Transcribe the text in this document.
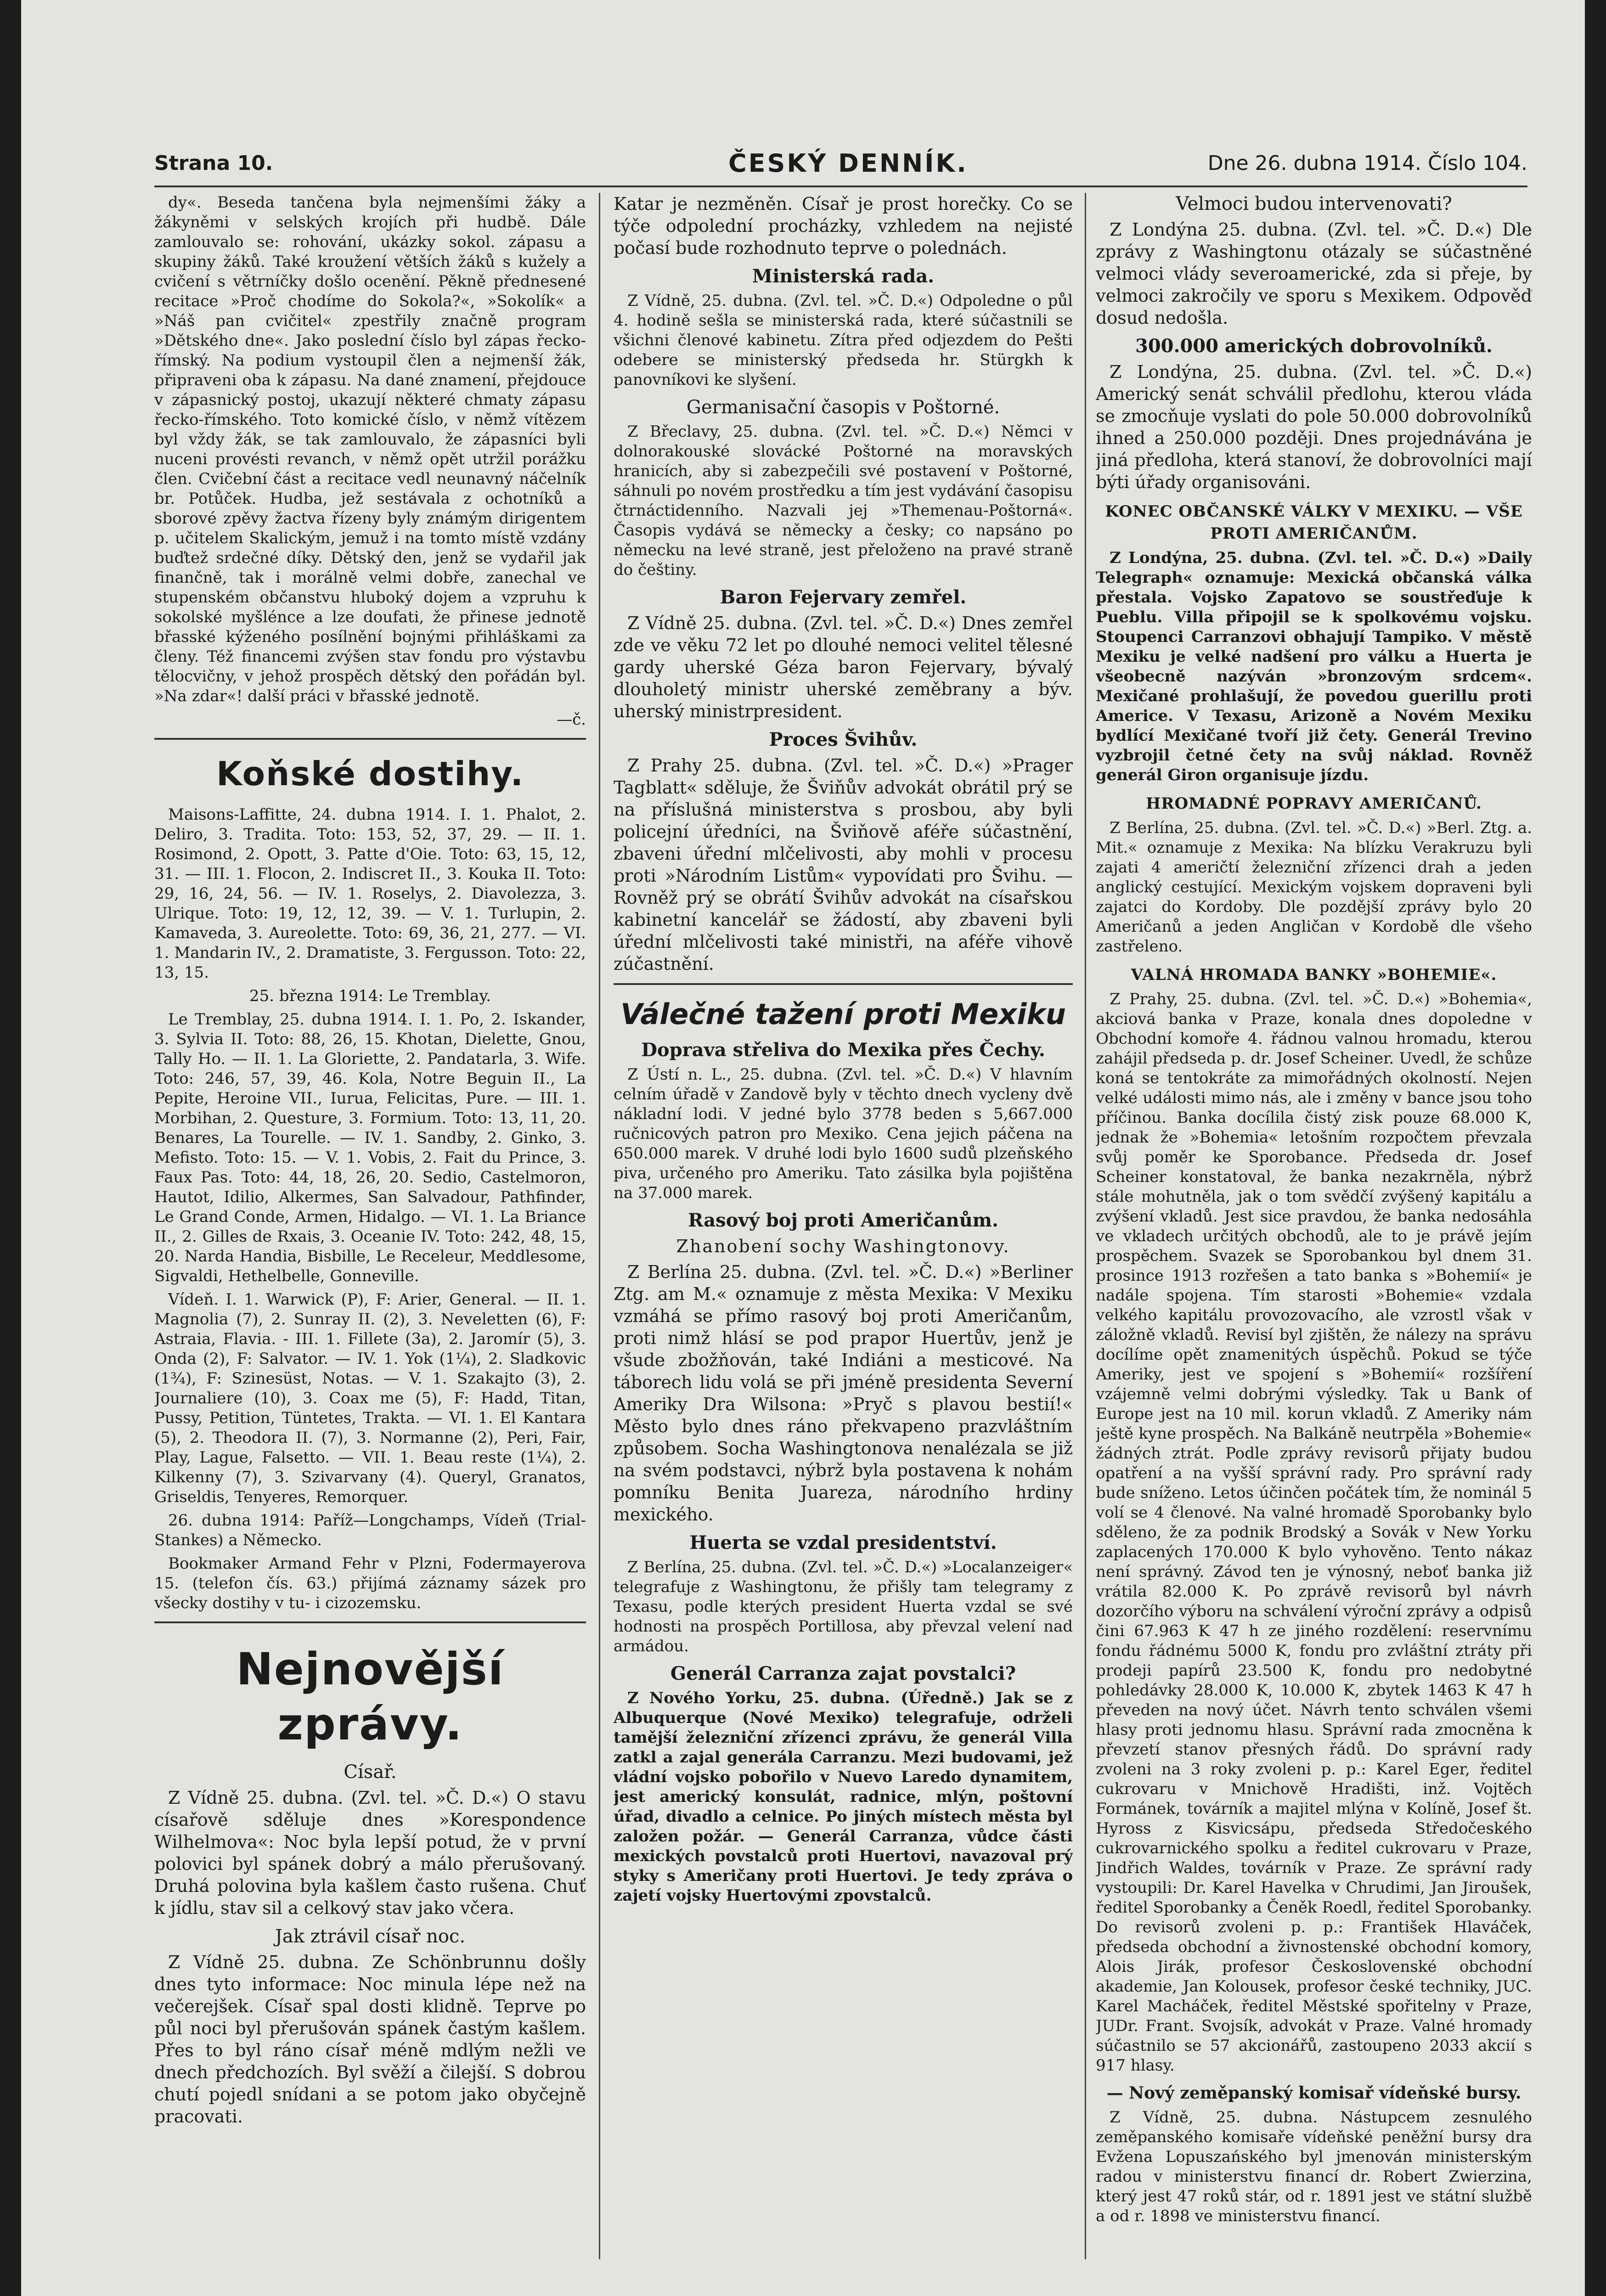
Strana 10.	ČESKÝ DENNÍK.	Dne 26. dubna 1914. Číslo 104.

dy«. Beseda tančena byla nejmenšími žáky a žákyněmi v selských krojích při hudbě. Dále zamlouvalo se: rohování, ukázky sokol. zápasu a skupiny žáků. Také kroužení větších žáků s kužely a cvičení s větrníčky došlo ocenění. Pěkně přednesené recitace »Proč chodíme do Sokola?«, »Sokolík« a »Náš pan cvičitel« zpestřily značně program »Dětského dne«. Jako poslední číslo byl zápas řecko-římský. Na podium vystoupil člen a nejmenší žák, připraveni oba k zápasu. Na dané znamení, přejdouce v zápasnický postoj, ukazují některé chmaty zápasu řecko-římského. Toto komické číslo, v němž vítězem byl vždy žák, se tak zamlouvalo, že zápasníci byli nuceni provésti revanch, v němž opět utržil porážku člen. Cvičební část a recitace vedl neunavný náčelník br. Potůček. Hudba, jež sestávala z ochotníků a sborové zpěvy žactva řízeny byly známým dirigentem p. učitelem Skalickým, jemuž i na tomto místě vzdány buďtež srdečné díky. Dětský den, jenž se vydařil jak finančně, tak i morálně velmi dobře, zanechal ve stupenském občanstvu hluboký dojem a vzpruhu k sokolské myšlénce a lze doufati, že přinese jednotě břasské kýženého posílnění bojnými přihláškami za členy. Též financemi zvýšen stav fondu pro výstavbu tělocvičny, v jehož prospěch dětský den pořádán byl. »Na zdar«! další práci v břasské jednotě.

—č.

Koňské dostihy.

Maisons-Laffitte, 24. dubna 1914. I. 1. Phalot, 2. Deliro, 3. Tradita. Toto: 153, 52, 37, 29. — II. 1. Rosimond, 2. Opott, 3. Patte d'Oie. Toto: 63, 15, 12, 31. — III. 1. Flocon, 2. Indiscret II., 3. Kouka II. Toto: 29, 16, 24, 56. — IV. 1. Roselys, 2. Diavolezza, 3. Ulrique. Toto: 19, 12, 12, 39. — V. 1. Turlupin, 2. Kamaveda, 3. Aureolette. Toto: 69, 36, 21, 277. — VI. 1. Mandarin IV., 2. Dramatiste, 3. Fergusson. Toto: 22, 13, 15.

25. března 1914: Le Tremblay.

Le Tremblay, 25. dubna 1914. I. 1. Po, 2. Iskander, 3. Sylvia II. Toto: 88, 26, 15. Khotan, Dielette, Gnou, Tally Ho. — II. 1. La Gloriette, 2. Pandatarla, 3. Wife. Toto: 246, 57, 39, 46. Kola, Notre Beguin II., La Pepite, Heroine VII., Iurua, Felicitas, Pure. — III. 1. Morbihan, 2. Questure, 3. Formium. Toto: 13, 11, 20. Benares, La Tourelle. — IV. 1. Sandby, 2. Ginko, 3. Mefisto. Toto: 15. — V. 1. Vobis, 2. Fait du Prince, 3. Faux Pas. Toto: 44, 18, 26, 20. Sedio, Castelmoron, Hautot, Idilio, Alkermes, San Salvadour, Pathfinder, Le Grand Conde, Armen, Hidalgo. — VI. 1. La Briance II., 2. Gilles de Rxais, 3. Oceanie IV. Toto: 242, 48, 15, 20. Narda Handia, Bisbille, Le Receleur, Meddlesome, Sigvaldi, Hethelbelle, Gonneville.

Vídeň. I. 1. Warwick (P), F: Arier, General. — II. 1. Magnolia (7), 2. Sunray II. (2), 3. Neveletten (6), F: Astraia, Flavia. - III. 1. Fillete (3a), 2. Jaromír (5), 3. Onda (2), F: Salvator. — IV. 1. Yok (1¼), 2. Sladkovic (1¾), F: Szinesüst, Notas. — V. 1. Szakajto (3), 2. Journaliere (10), 3. Coax me (5), F: Hadd, Titan, Pussy, Petition, Tüntetes, Trakta. — VI. 1. El Kantara (5), 2. Theodora II. (7), 3. Normanne (2), Peri, Fair, Play, Lague, Falsetto. — VII. 1. Beau reste (1¼), 2. Kilkenny (7), 3. Szivarvany (4). Queryl, Granatos, Griseldis, Tenyeres, Remorquer.

26. dubna 1914: Paříž—Longchamps, Vídeň (Trial-Stankes) a Německo.

Bookmaker Armand Fehr v Plzni, Fodermayerova 15. (telefon čís. 63.) přijímá záznamy sázek pro všecky dostihy v tu- i cizozemsku.

Nejnovější zprávy.
Císař.

Z Vídně 25. dubna. (Zvl. tel. »Č. D.«) O stavu císařově sděluje dnes »Korespondence Wilhelmova«: Noc byla lepší potud, že v první polovici byl spánek dobrý a málo přerušovaný. Druhá polovina byla kašlem často rušena. Chuť k jídlu, stav sil a celkový stav jako včera.

Jak ztrávil císař noc.

Z Vídně 25. dubna. Ze Schönbrunnu došly dnes tyto informace: Noc minula lépe než na večerejšek. Císař spal dosti klidně. Teprve po půl noci byl přerušován spánek častým kašlem. Přes to byl ráno císař méně mdlým nežli ve dnech předchozích. Byl svěží a čilejší. S dobrou chutí pojedl snídani a se potom jako obyčejně pracovati.

Katar je nezměněn. Císař je prost horečky. Co se týče odpolední procházky, vzhledem na nejisté počasí bude rozhodnuto teprve o polednách.

Ministerská rada.

Z Vídně, 25. dubna. (Zvl. tel. »Č. D.«) Odpoledne o půl 4. hodině sešla se ministerská rada, které súčastnili se všichni členové kabinetu. Zítra před odjezdem do Pešti odebere se ministerský předseda hr. Stürgkh k panovníkovi ke slyšení.

Germanisační časopis v Poštorné.

Z Břeclavy, 25. dubna. (Zvl. tel. »Č. D.«) Němci v dolnorakouské slovácké Poštorné na moravských hranicích, aby si zabezpečili své postavení v Poštorné, sáhnuli po novém prostředku a tím jest vydávání časopisu čtrnáctidenního. Nazvali jej »Themenau-Poštorná«. Časopis vydává se německy a česky; co napsáno po německu na levé straně, jest přeloženo na pravé straně do češtiny.

Baron Fejervary zemřel.

Z Vídně 25. dubna. (Zvl. tel. »Č. D.«) Dnes zemřel zde ve věku 72 let po dlouhé nemoci velitel tělesné gardy uherské Géza baron Fejervary, bývalý dlouholetý ministr uherské zeměbrany a býv. uherský ministrpresident.

Proces Švihův.

Z Prahy 25. dubna. (Zvl. tel. »Č. D.«) »Prager Tagblatt« sděluje, že Šviňův advokát obrátil prý se na příslušná ministerstva s prosbou, aby byli policejní úředníci, na Šviňově aféře súčastnění, zbaveni úřední mlčelivosti, aby mohli v procesu proti »Národním Listům« vypovídati pro Švihu. — Rovněž prý se obrátí Švihův advokát na císařskou kabinetní kancelář se žádostí, aby zbaveni byli úřední mlčelivosti také ministři, na aféře vihově zúčastnění.

Válečné tažení proti Mexiku
Doprava střeliva do Mexika přes Čechy.

Z Ústí n. L., 25. dubna. (Zvl. tel. »Č. D.«) V hlavním celním úřadě v Zandově byly v těchto dnech vycleny dvě nákladní lodi. V jedné bylo 3778 beden s 5,667.000 ručnicových patron pro Mexiko. Cena jejich páčena na 650.000 marek. V druhé lodi bylo 1600 sudů plzeňského piva, určeného pro Ameriku. Tato zásilka byla pojištěna na 37.000 marek.

Rasový boj proti Američanům.
Zhanobení sochy Washingtonovy.

Z Berlína 25. dubna. (Zvl. tel. »Č. D.«) »Berliner Ztg. am M.« oznamuje z města Mexika: V Mexiku vzmáhá se přímo rasový boj proti Američanům, proti nimž hlásí se pod prapor Huertův, jenž je všude zbožňován, také Indiáni a mesticové. Na táborech lidu volá se při jméně presidenta Severní Ameriky Dra Wilsona: »Pryč s plavou bestií!« Město bylo dnes ráno překvapeno prazvláštním způsobem. Socha Washingtonova nenalézala se již na svém podstavci, nýbrž byla postavena k nohám pomníku Benita Juareza, národního hrdiny mexického.

Huerta se vzdal presidentství.

Z Berlína, 25. dubna. (Zvl. tel. »Č. D.«) »Localanzeiger« telegrafuje z Washingtonu, že přišly tam telegramy z Texasu, podle kterých president Huerta vzdal se své hodnosti na prospěch Portillosa, aby převzal velení nad armádou.

Generál Carranza zajat povstalci?

Z Nového Yorku, 25. dubna. (Úředně.) Jak se z Albuquerque (Nové Mexiko) telegrafuje, održeli tamější železniční zřízenci zprávu, že generál Villa zatkl a zajal generála Carranzu. Mezi budovami, jež vládní vojsko pobořilo v Nuevo Laredo dynamitem, jest americký konsulát, radnice, mlýn, poštovní úřad, divadlo a celnice. Po jiných místech města byl založen požár. — Generál Carranza, vůdce části mexických povstalců proti Huertovi, navazoval prý styky s Američany proti Huertovi. Je tedy zpráva o zajetí vojsky Huertovými zpovstalců.

Velmoci budou intervenovati?

Z Londýna 25. dubna. (Zvl. tel. »Č. D.«) Dle zprávy z Washingtonu otázaly se súčastněné velmoci vlády severoamerické, zda si přeje, by velmoci zakročily ve sporu s Mexikem. Odpověď dosud nedošla.

300.000 amerických dobrovolníků.

Z Londýna, 25. dubna. (Zvl. tel. »Č. D.«) Americký senát schválil předlohu, kterou vláda se zmocňuje vyslati do pole 50.000 dobrovolníků ihned a 250.000 později. Dnes projednávána je jiná předloha, která stanoví, že dobrovolníci mají býti úřady organisováni.

KONEC OBČANSKÉ VÁLKY V MEXIKU. — VŠE PROTI AMERIČANŮM.

Z Londýna, 25. dubna. (Zvl. tel. »Č. D.«) »Daily Telegraph« oznamuje: Mexická občanská válka přestala. Vojsko Zapatovo se soustřeďuje k Pueblu. Villa připojil se k spolkovému vojsku. Stoupenci Carranzovi obhajují Tampiko. V městě Mexiku je velké nadšení pro válku a Huerta je všeobecně nazýván »bronzovým srdcem«. Mexičané prohlašují, že povedou guerillu proti Americe. V Texasu, Arizoně a Novém Mexiku bydlící Mexičané tvoří již čety. Generál Trevino vyzbrojil četné čety na svůj náklad. Rovněž generál Giron organisuje jízdu.

HROMADNÉ POPRAVY AMERIČANŮ.

Z Berlína, 25. dubna. (Zvl. tel. »Č. D.«) »Berl. Ztg. a. Mit.« oznamuje z Mexika: Na blízku Verakruzu byli zajati 4 američtí železniční zřízenci drah a jeden anglický cestující. Mexickým vojskem dopraveni byli zajatci do Kordoby. Dle pozdější zprávy bylo 20 Američanů a jeden Angličan v Kordobě dle všeho zastřeleno.

VALNÁ HROMADA BANKY »BOHEMIE«.

Z Prahy, 25. dubna. (Zvl. tel. »Č. D.«) »Bohemia«, akciová banka v Praze, konala dnes dopoledne v Obchodní komoře 4. řádnou valnou hromadu, kterou zahájil předseda p. dr. Josef Scheiner. Uvedl, že schůze koná se tentokráte za mimořádných okolností. Nejen velké události mimo nás, ale i změny v bance jsou toho příčinou. Banka docílila čistý zisk pouze 68.000 K, jednak že »Bohemia« letošním rozpočtem převzala svůj poměr ke Sporobance. Předseda dr. Josef Scheiner konstatoval, že banka nezakrněla, nýbrž stále mohutněla, jak o tom svědčí zvýšený kapitálu a zvýšení vkladů. Jest sice pravdou, že banka nedosáhla ve vkladech určitých obchodů, ale to je právě jejím prospěchem. Svazek se Sporobankou byl dnem 31. prosince 1913 rozřešen a tato banka s »Bohemií« je nadále spojena. Tím starosti »Bohemie« vzdala velkého kapitálu provozovacího, ale vzrostl však v záložně vkladů. Revisí byl zjištěn, že nálezy na správu docílíme opět znamenitých úspěchů. Pokud se týče Ameriky, jest ve spojení s »Bohemií« rozšíření vzájemně velmi dobrými výsledky. Tak u Bank of Europe jest na 10 mil. korun vkladů. Z Ameriky nám ještě kyne prospěch. Na Balkáně neutrpěla »Bohemie« žádných ztrát. Podle zprávy revisorů přijaty budou opatření a na vyšší správní rady. Pro správní rady bude sníženo. Letos účinčen počátek tím, že nominál 5 volí se 4 členové. Na valné hromadě Sporobanky bylo sděleno, že za podnik Brodský a Sovák v New Yorku zaplacených 170.000 K bylo vyhověno. Tento nákaz není správný. Závod ten je výnosný, neboť banka již vrátila 82.000 K. Po zprávě revisorů byl návrh dozorčího výboru na schválení výroční zprávy a odpisů čini 67.963 K 47 h ze jiného rozdělení: reservnímu fondu řádnému 5000 K, fondu pro zvláštní ztráty při prodeji papírů 23.500 K, fondu pro nedobytné pohledávky 28.000 K, 10.000 K, zbytek 1463 K 47 h převeden na nový účet. Návrh tento schválen všemi hlasy proti jednomu hlasu. Správní rada zmocněna k převzetí stanov přesných řádů. Do správní rady zvoleni na 3 roky zvoleni p. p.: Karel Eger, ředitel cukrovaru v Mnichově Hradišti, inž. Vojtěch Formánek, továrník a majitel mlýna v Kolíně, Josef št. Hyross z Kisvicsápu, předseda Středočeského cukrovarnického spolku a ředitel cukrovaru v Praze, Jindřich Waldes, továrník v Praze. Ze správní rady vystoupili: Dr. Karel Havelka v Chrudimi, Jan Jiroušek, ředitel Sporobanky a Čeněk Roedl, ředitel Sporobanky. Do revisorů zvoleni p. p.: František Hlaváček, předseda obchodní a živnostenské obchodní komory, Alois Jirák, profesor Československé obchodní akademie, Jan Kolousek, profesor české techniky, JUC. Karel Macháček, ředitel Městské spořitelny v Praze, JUDr. Frant. Svojsík, advokát v Praze. Valné hromady súčastnilo se 57 akcionářů, zastoupeno 2033 akcií s 917 hlasy.

— Nový zeměpanský komisař vídeňské bursy.

Z Vídně, 25. dubna. Nástupcem zesnulého zeměpanského komisaře vídeňské peněžní bursy dra Evžena Lopuszańského byl jmenován ministerským radou v ministerstvu financí dr. Robert Zwierzina, který jest 47 roků stár, od r. 1891 jest ve státní službě a od r. 1898 ve ministerstvu financí.
